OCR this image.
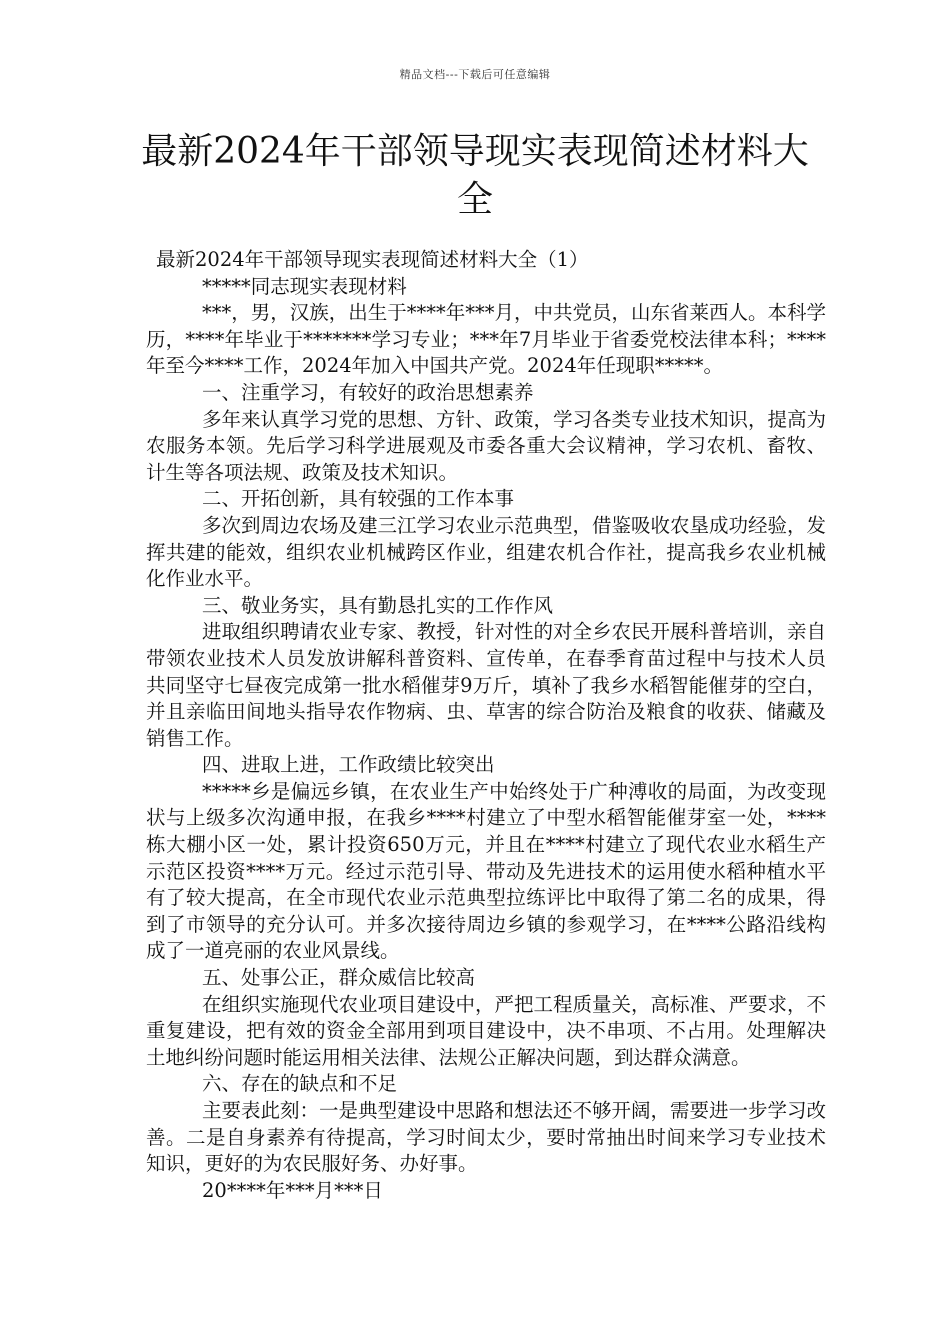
精品文档---下载后可任意编辑
最新2024年干部领导现实表现简述材料大全

最新2024年干部领导现实表现简述材料大全（1）

*****同志现实表现材料

***，男，汉族，出生于****年***月，中共党员，山东省莱西人。本科学历，****年毕业于*******学习专业；***年7月毕业于省委党校法律本科；****年至今****工作，2024年加入中国共产党。2024年任现职*****。

一、注重学习，有较好的政治思想素养

多年来认真学习党的思想、方针、政策，学习各类专业技术知识，提高为农服务本领。先后学习科学进展观及市委各重大会议精神，学习农机、畜牧、计生等各项法规、政策及技术知识。

二、开拓创新，具有较强的工作本事

多次到周边农场及建三江学习农业示范典型，借鉴吸收农垦成功经验，发挥共建的能效，组织农业机械跨区作业，组建农机合作社，提高我乡农业机械化作业水平。

三、敬业务实，具有勤恳扎实的工作作风

进取组织聘请农业专家、教授，针对性的对全乡农民开展科普培训，亲自带领农业技术人员发放讲解科普资料、宣传单，在春季育苗过程中与技术人员共同坚守七昼夜完成第一批水稻催芽9万斤，填补了我乡水稻智能催芽的空白，并且亲临田间地头指导农作物病、虫、草害的综合防治及粮食的收获、储藏及销售工作。

四、进取上进，工作政绩比较突出

*****乡是偏远乡镇，在农业生产中始终处于广种溥收的局面，为改变现状与上级多次沟通申报，在我乡****村建立了中型水稻智能催芽室一处，****栋大棚小区一处，累计投资650万元，并且在****村建立了现代农业水稻生产示范区投资****万元。经过示范引导、带动及先进技术的运用使水稻种植水平有了较大提高，在全市现代农业示范典型拉练评比中取得了第二名的成果，得到了市领导的充分认可。并多次接待周边乡镇的参观学习，在****公路沿线构成了一道亮丽的农业风景线。

五、处事公正，群众威信比较高

在组织实施现代农业项目建设中，严把工程质量关，高标准、严要求，不重复建设，把有效的资金全部用到项目建设中，决不串项、不占用。处理解决土地纠纷问题时能运用相关法律、法规公正解决问题，到达群众满意。

六、存在的缺点和不足

主要表此刻：一是典型建设中思路和想法还不够开阔，需要进一步学习改善。二是自身素养有待提高，学习时间太少，要时常抽出时间来学习专业技术知识，更好的为农民服好务、办好事。

20****年***月***日
